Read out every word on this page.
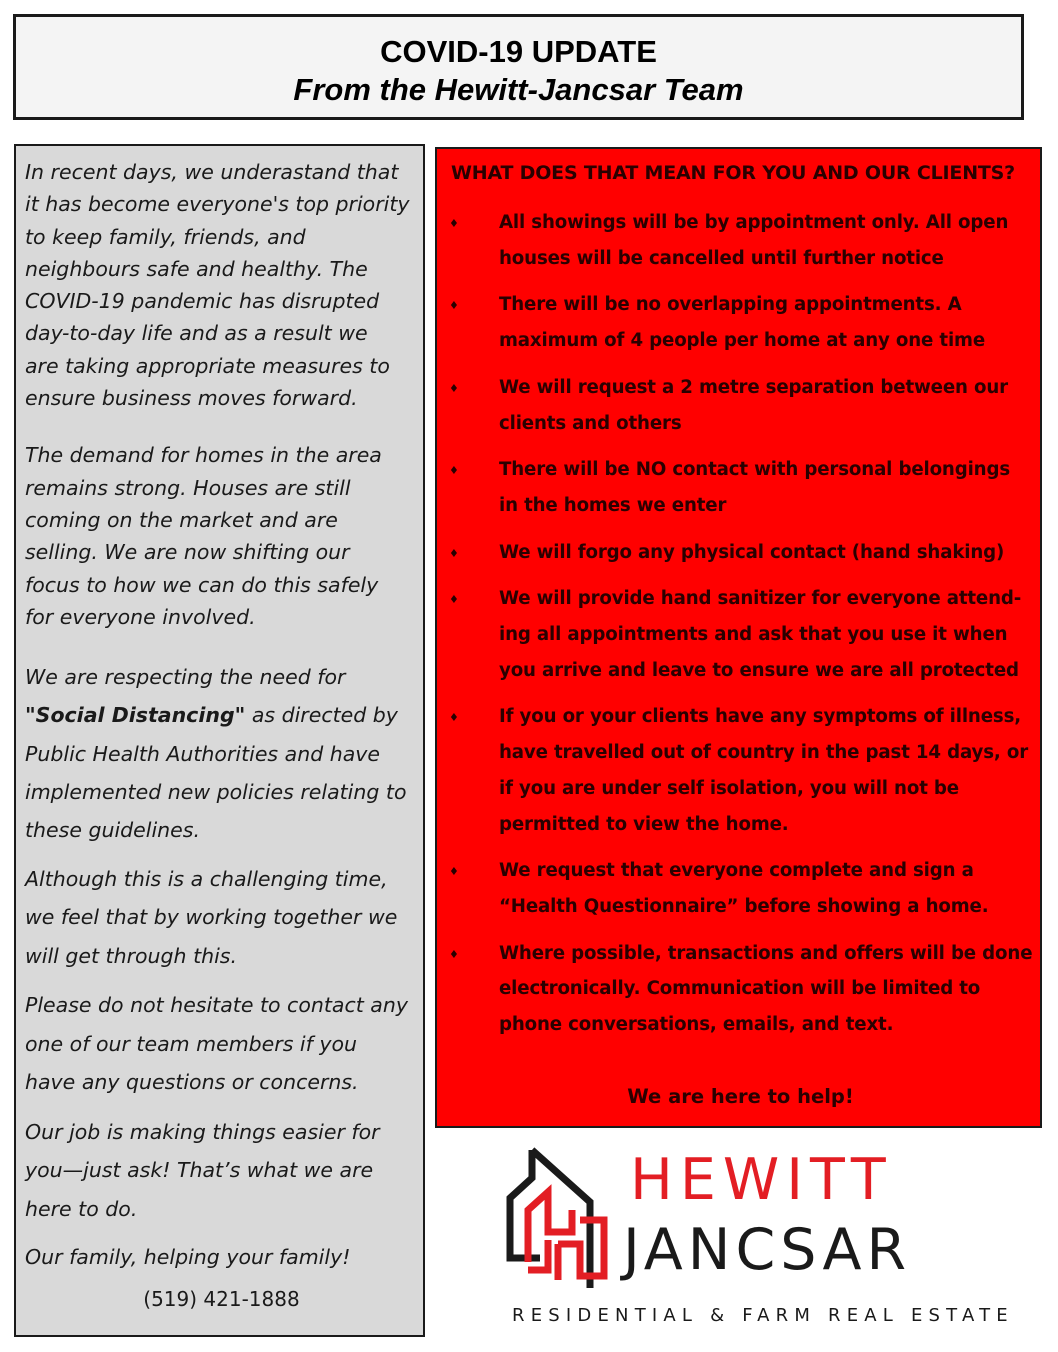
COVID-19 UPDATE
From the Hewitt-Jancsar Team

In recent days, we underastand that
it has become everyone's top priority
to keep family, friends, and
neighbours safe and healthy. The
COVID-19 pandemic has disrupted
day-to-day life and as a result we
are taking appropriate measures to
ensure business moves forward.

The demand for homes in the area
remains strong. Houses are still
coming on the market and are
selling. We are now shifting our
focus to how we can do this safely
for everyone involved.

We are respecting the need for
"Social Distancing" as directed by
Public Health Authorities and have
implemented new policies relating to
these guidelines.

Although this is a challenging time,
we feel that by working together we
will get through this.

Please do not hesitate to contact any
one of our team members if you
have any questions or concerns.

Our job is making things easier for
you—just ask! That’s what we are
here to do.

Our family, helping your family!

(519) 421-1888

WHAT DOES THAT MEAN FOR YOU AND OUR CLIENTS?
♦ All showings will be by appointment only. All open
houses will be cancelled until further notice
♦ There will be no overlapping appointments. A
maximum of 4 people per home at any one time
♦ We will request a 2 metre separation between our
clients and others
♦ There will be NO contact with personal belongings
in the homes we enter
♦ We will forgo any physical contact (hand shaking)
♦ We will provide hand sanitizer for everyone attend-
ing all appointments and ask that you use it when
you arrive and leave to ensure we are all protected
♦ If you or your clients have any symptoms of illness,
have travelled out of country in the past 14 days, or
if you are under self isolation, you will not be
permitted to view the home.
♦ We request that everyone complete and sign a
“Health Questionnaire” before showing a home.
♦ Where possible, transactions and offers will be done
electronically. Communication will be limited to
phone conversations, emails, and text.
We are here to help!
HEWITT
JANCSAR
RESIDENTIAL & FARM REAL ESTATE
